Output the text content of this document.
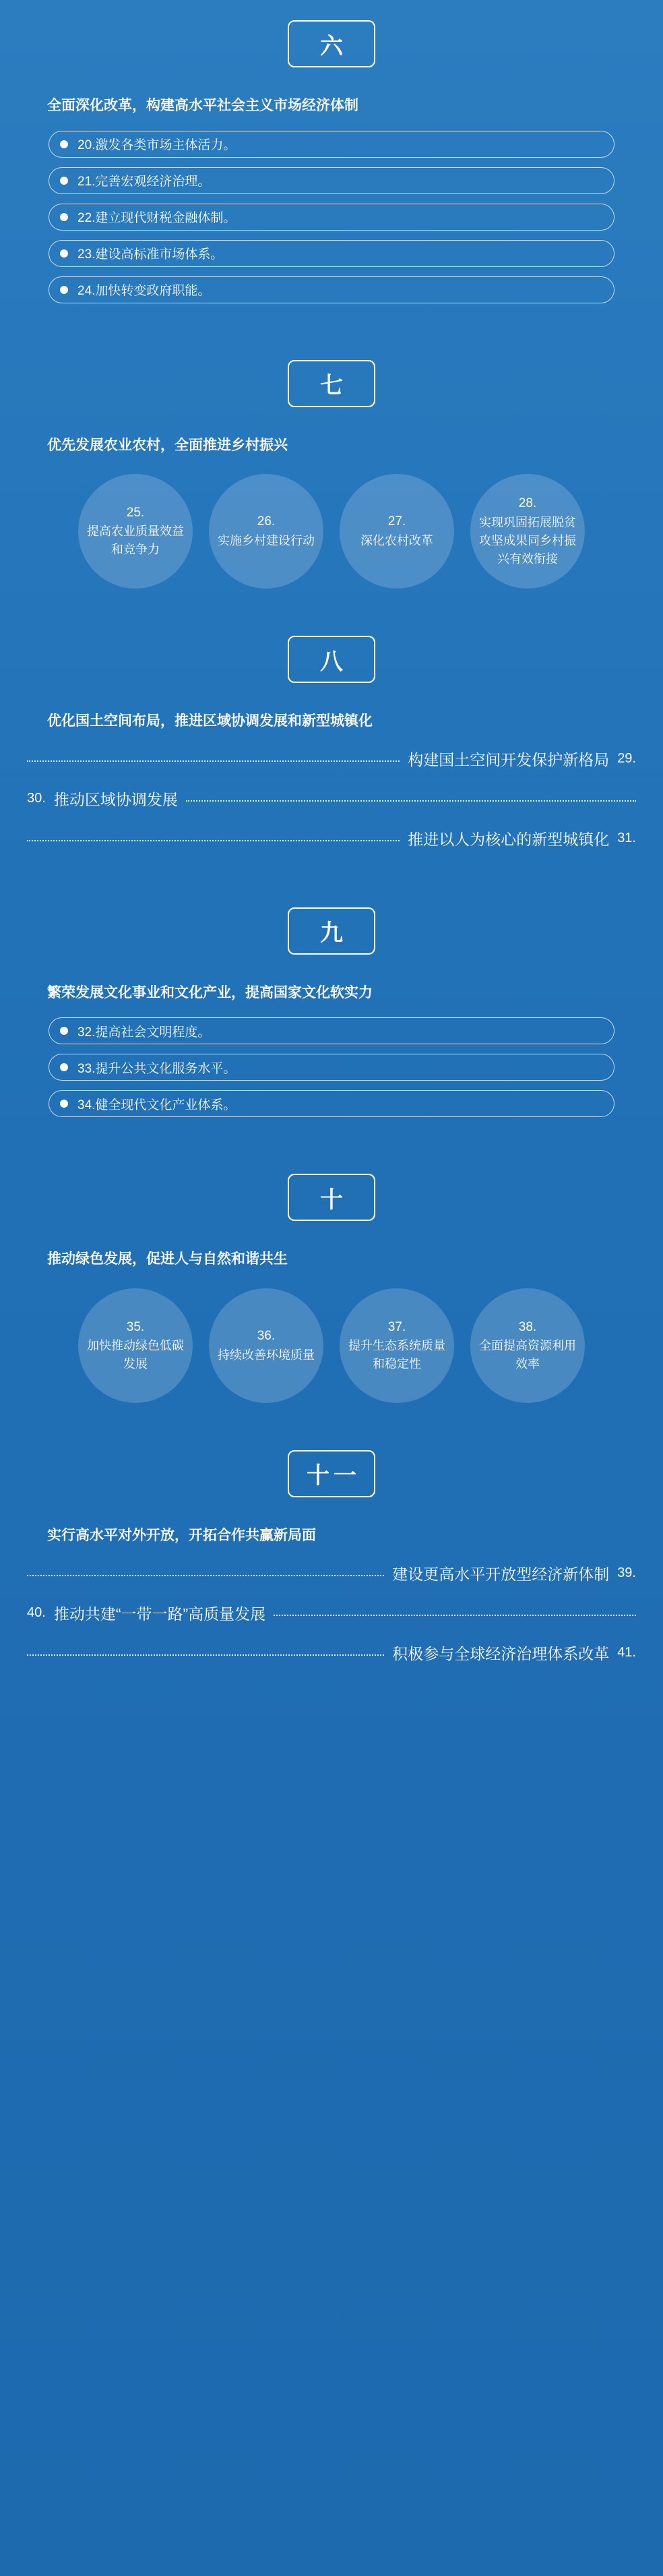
六
全面深化改革，构建高水平社会主义市场经济体制
20.激发各类市场主体活力。
21.完善宏观经济治理。
22.建立现代财税金融体制。
23.建设高标准市场体系。
24.加快转变政府职能。
七
优先发展农业农村，全面推进乡村振兴
25.
提高农业质量效益和竞争力
26.
实施乡村建设行动
27.
深化农村改革
28.
实现巩固拓展脱贫攻坚成果同乡村振兴有效衔接
八
优化国土空间布局，推进区域协调发展和新型城镇化
构建国土空间开发保护新格局 29.
30. 推动区域协调发展
推进以人为核心的新型城镇化 31.
九
繁荣发展文化事业和文化产业，提高国家文化软实力
32.提高社会文明程度。
33.提升公共文化服务水平。
34.健全现代文化产业体系。
十
推动绿色发展，促进人与自然和谐共生
35.
加快推动绿色低碳发展
36.
持续改善环境质量
37.
提升生态系统质量和稳定性
38.
全面提高资源利用效率
十一
实行高水平对外开放，开拓合作共赢新局面
建设更高水平开放型经济新体制 39.
40. 推动共建“一带一路”高质量发展
积极参与全球经济治理体系改革 41.
